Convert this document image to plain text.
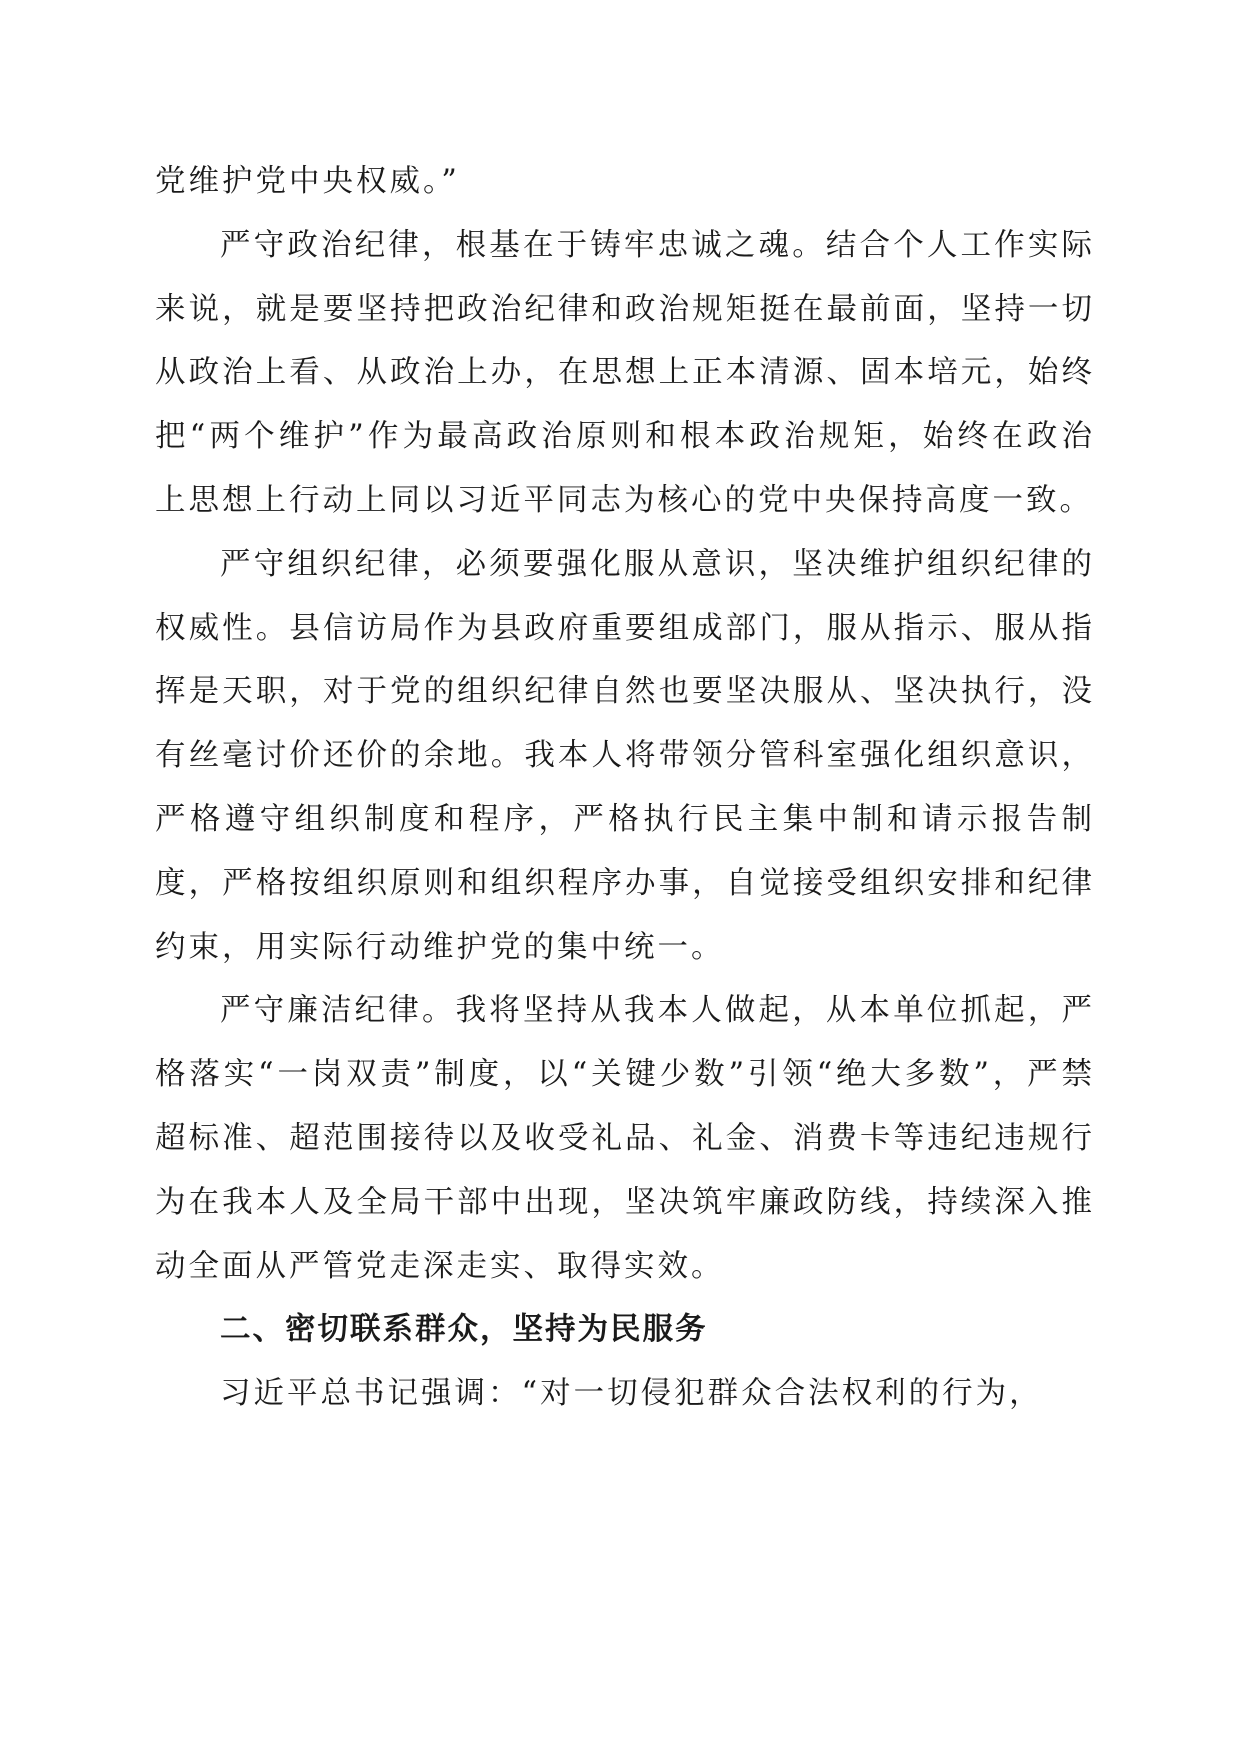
党维护党中央权威。”

严守政治纪律，根基在于铸牢忠诚之魂。结合个人工作实际来说，就是要坚持把政治纪律和政治规矩挺在最前面，坚持一切从政治上看、从政治上办，在思想上正本清源、固本培元，始终把“两个维护”作为最高政治原则和根本政治规矩，始终在政治上思想上行动上同以习近平同志为核心的党中央保持高度一致。

严守组织纪律，必须要强化服从意识，坚决维护组织纪律的权威性。县信访局作为县政府重要组成部门，服从指示、服从指挥是天职，对于党的组织纪律自然也要坚决服从、坚决执行，没有丝毫讨价还价的余地。我本人将带领分管科室强化组织意识，严格遵守组织制度和程序，严格执行民主集中制和请示报告制度，严格按组织原则和组织程序办事，自觉接受组织安排和纪律约束，用实际行动维护党的集中统一。

严守廉洁纪律。我将坚持从我本人做起，从本单位抓起，严格落实“一岗双责”制度，以“关键少数”引领“绝大多数”，严禁超标准、超范围接待以及收受礼品、礼金、消费卡等违纪违规行为在我本人及全局干部中出现，坚决筑牢廉政防线，持续深入推动全面从严管党走深走实、取得实效。

二、密切联系群众，坚持为民服务

习近平总书记强调：“对一切侵犯群众合法权利的行为，
